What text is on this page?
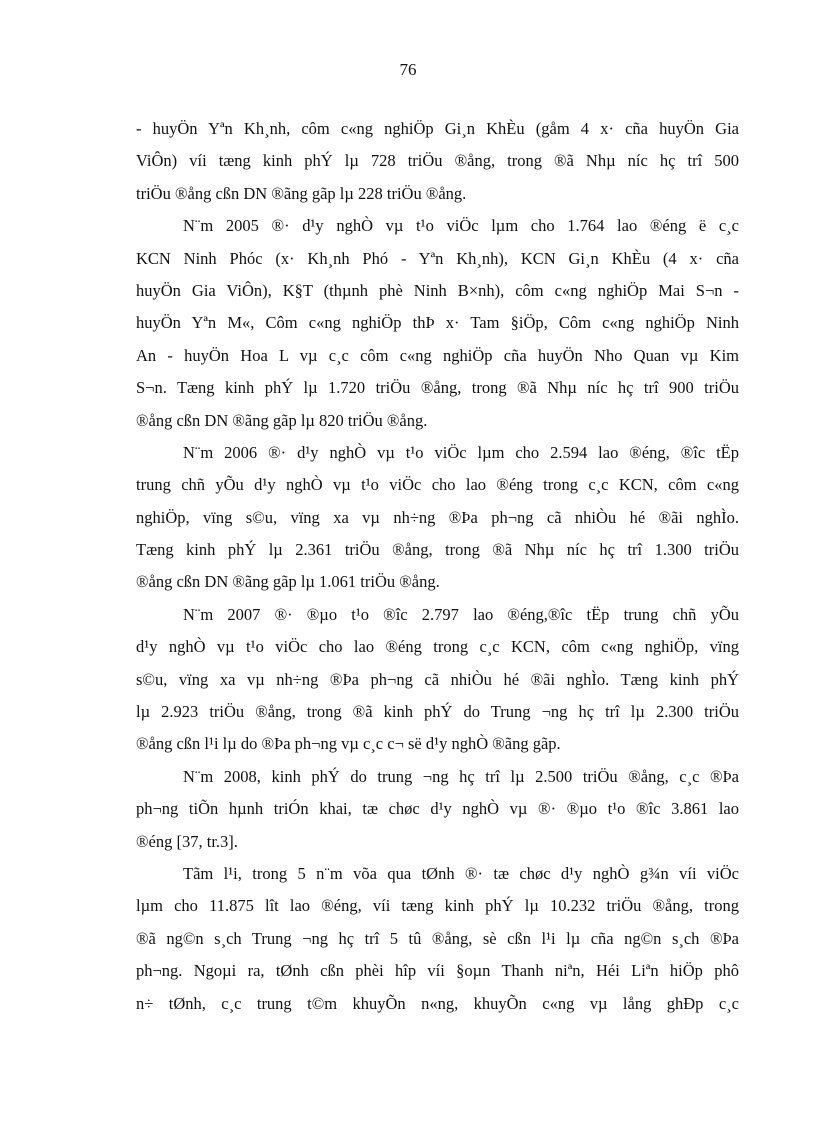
76
- huyÖn Yªn Kh¸nh, côm c«ng nghiÖp Gi¸n KhÈu (gåm 4 x· cña huyÖn Gia
ViÔn) víi tæng kinh phÝ lµ 728 triÖu ®ång, trong ®ã Nhµ níc hç trî 500
triÖu ®ång cßn DN ®ãng gãp lµ 228 triÖu ®ång.
N¨m 2005 ®· d¹y nghÒ vµ t¹o viÖc lµm cho 1.764 lao ®éng ë c¸c
KCN Ninh Phóc (x· Kh¸nh Phó - Yªn Kh¸nh), KCN Gi¸n KhÈu (4 x· cña
huyÖn Gia ViÔn), K§T (thµnh phè Ninh B×nh), côm c«ng nghiÖp Mai S¬n -
huyÖn Yªn M«, Côm c«ng nghiÖp thÞ x· Tam §iÖp, Côm c«ng nghiÖp Ninh
An - huyÖn Hoa L vµ c¸c côm c«ng nghiÖp cña huyÖn Nho Quan vµ Kim
S¬n. Tæng kinh phÝ lµ 1.720 triÖu ®ång, trong ®ã Nhµ níc hç trî 900 triÖu
®ång cßn DN ®ãng gãp lµ 820 triÖu ®ång.
N¨m 2006 ®· d¹y nghÒ vµ t¹o viÖc lµm cho 2.594 lao ®éng, ®îc tËp
trung chñ yÕu d¹y nghÒ vµ t¹o viÖc cho lao ®éng trong c¸c KCN, côm c«ng
nghiÖp, vïng s©u, vïng xa vµ nh÷ng ®Þa ph¬ng cã nhiÒu hé ®ãi nghÌo.
Tæng kinh phÝ lµ 2.361 triÖu ®ång, trong ®ã Nhµ níc hç trî 1.300 triÖu
®ång cßn DN ®ãng gãp lµ 1.061 triÖu ®ång.
N¨m 2007 ®· ®µo t¹o ®îc 2.797 lao ®éng,®îc tËp trung chñ yÕu
d¹y nghÒ vµ t¹o viÖc cho lao ®éng trong c¸c KCN, côm c«ng nghiÖp, vïng
s©u, vïng xa vµ nh÷ng ®Þa ph¬ng cã nhiÒu hé ®ãi nghÌo. Tæng kinh phÝ
lµ 2.923 triÖu ®ång, trong ®ã kinh phÝ do Trung ¬ng hç trî lµ 2.300 triÖu
®ång cßn l¹i lµ do ®Þa ph¬ng vµ c¸c c¬ së d¹y nghÒ ®ãng gãp.
N¨m 2008, kinh phÝ do trung ¬ng hç trî lµ 2.500 triÖu ®ång, c¸c ®Þa
ph¬ng tiÕn hµnh triÓn khai, tæ chøc d¹y nghÒ vµ ®· ®µo t¹o ®îc 3.861 lao
®éng [37, tr.3].
Tãm l¹i, trong 5 n¨m võa qua tØnh ®· tæ chøc d¹y nghÒ g¾n víi viÖc
lµm cho 11.875 lît lao ®éng, víi tæng kinh phÝ lµ 10.232 triÖu ®ång, trong
®ã ng©n s¸ch Trung ¬ng hç trî 5 tû ®ång, sè cßn l¹i lµ cña ng©n s¸ch ®Þa
ph¬ng. Ngoµi ra, tØnh cßn phèi hîp víi §oµn Thanh niªn, Héi Liªn hiÖp phô
n÷ tØnh, c¸c trung t©m khuyÕn n«ng, khuyÕn c«ng vµ lång ghÐp c¸c
